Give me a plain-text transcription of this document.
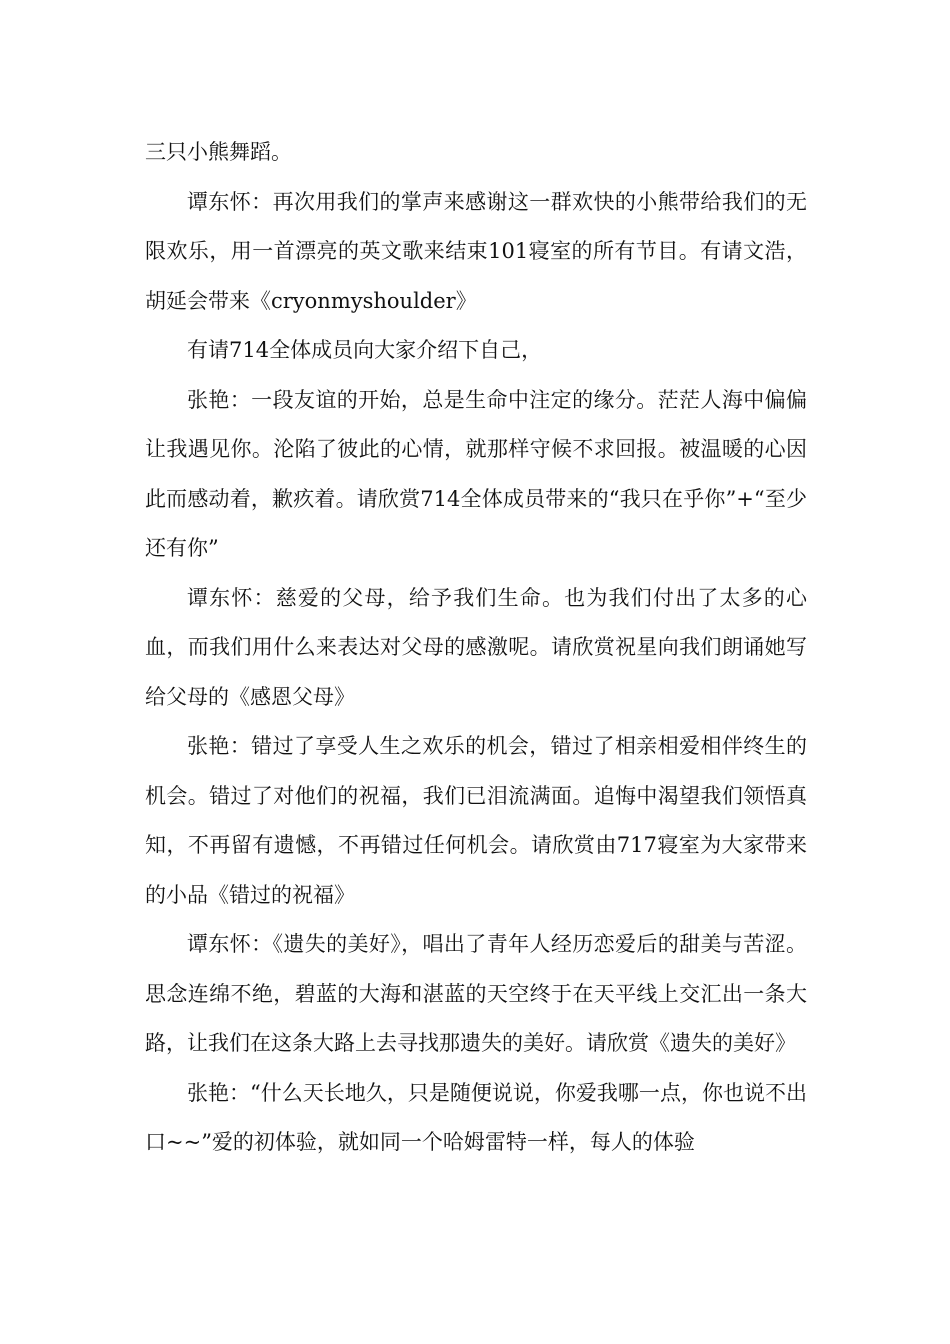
三只小熊舞蹈。

谭东怀：再次用我们的掌声来感谢这一群欢快的小熊带给我们的无限欢乐，用一首漂亮的英文歌来结束101寝室的所有节目。有请文浩，胡延会带来《cryonmyshoulder》

有请714全体成员向大家介绍下自己，

张艳：一段友谊的开始，总是生命中注定的缘分。茫茫人海中偏偏让我遇见你。沦陷了彼此的心情，就那样守候不求回报。被温暖的心因此而感动着，歉疚着。请欣赏714全体成员带来的“我只在乎你”+“至少还有你”

谭东怀：慈爱的父母，给予我们生命。也为我们付出了太多的心血，而我们用什么来表达对父母的感激呢。请欣赏祝星向我们朗诵她写给父母的《感恩父母》

张艳：错过了享受人生之欢乐的机会，错过了相亲相爱相伴终生的机会。错过了对他们的祝福，我们已泪流满面。追悔中渴望我们领悟真知，不再留有遗憾，不再错过任何机会。请欣赏由717寝室为大家带来的小品《错过的祝福》

谭东怀：《遗失的美好》，唱出了青年人经历恋爱后的甜美与苦涩。思念连绵不绝，碧蓝的大海和湛蓝的天空终于在天平线上交汇出一条大路，让我们在这条大路上去寻找那遗失的美好。请欣赏《遗失的美好》

张艳：“什么天长地久，只是随便说说，你爱我哪一点，你也说不出口~~”爱的初体验，就如同一个哈姆雷特一样，每人的体验
